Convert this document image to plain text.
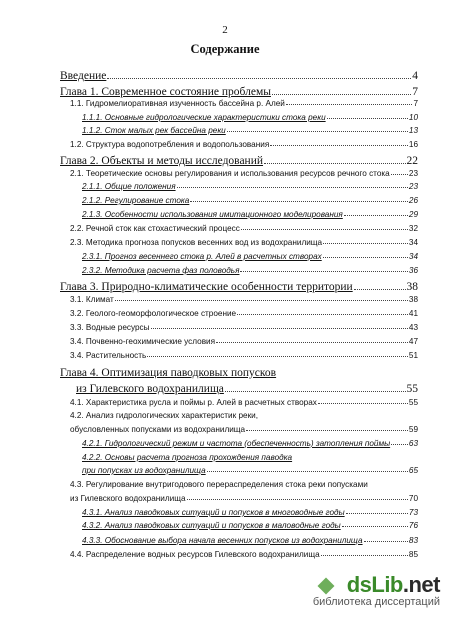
2
Содержание
Введение	4
Глава 1. Современное состояние проблемы	7
1.1. Гидромелиоративная изученность бассейна р. Алей	7
1.1.1. Основные гидрологические характеристики стока реки	10
1.1.2. Сток малых рек бассейна реки	13
1.2. Структура водопотребления и водопользования	16
Глава 2. Объекты и методы исследований	22
2.1. Теоретические основы регулирования и использования ресурсов речного стока 23
2.1.1. Общие положения	23
2.1.2. Регулирование стока	26
2.1.3. Особенности использования имитационного моделирования	29
2.2. Речной сток как стохастический процесс	32
2.3. Методика прогноза попусков весенних вод из водохранилища	34
2.3.1. Прогноз весеннего стока р. Алей в расчетных створах	34
2.3.2. Методика расчета фаз половодья	36
Глава 3. Природно-климатические особенности территории	38
3.1. Климат	38
3.2. Геолого-геоморфологическое строение	41
3.3. Водные ресурсы	43
3.4. Почвенно-геохимические условия	47
3.4. Растительность	51
Глава 4. Оптимизация паводковых попусков
из Гилевского водохранилища	55
4.1. Характеристика русла и поймы р. Алей в расчетных створах	55
4.2. Анализ гидрологических характеристик реки,
обусловленных попусками из водохранилища	59
4.2.1. Гидрологический режим и частота (обеспеченность) затопления поймы 63
4.2.2. Основы расчета прогноза прохождения паводка
при попусках из водохранилища	65
4.3. Регулирование внутригодового перераспределения стока реки попусками
из Гилевского водохранилища	70
4.3.1. Анализ паводковых ситуаций и попусков в многоводные годы	73
4.3.2. Анализ паводковых ситуаций и попусков в маловодные годы	76
4.3.3. Обоснование выбора начала весенних попусков из водохранилища	83
4.4. Распределение водных ресурсов Гилевского водохранилища	85
dsLib.net
библиотека диссертаций
